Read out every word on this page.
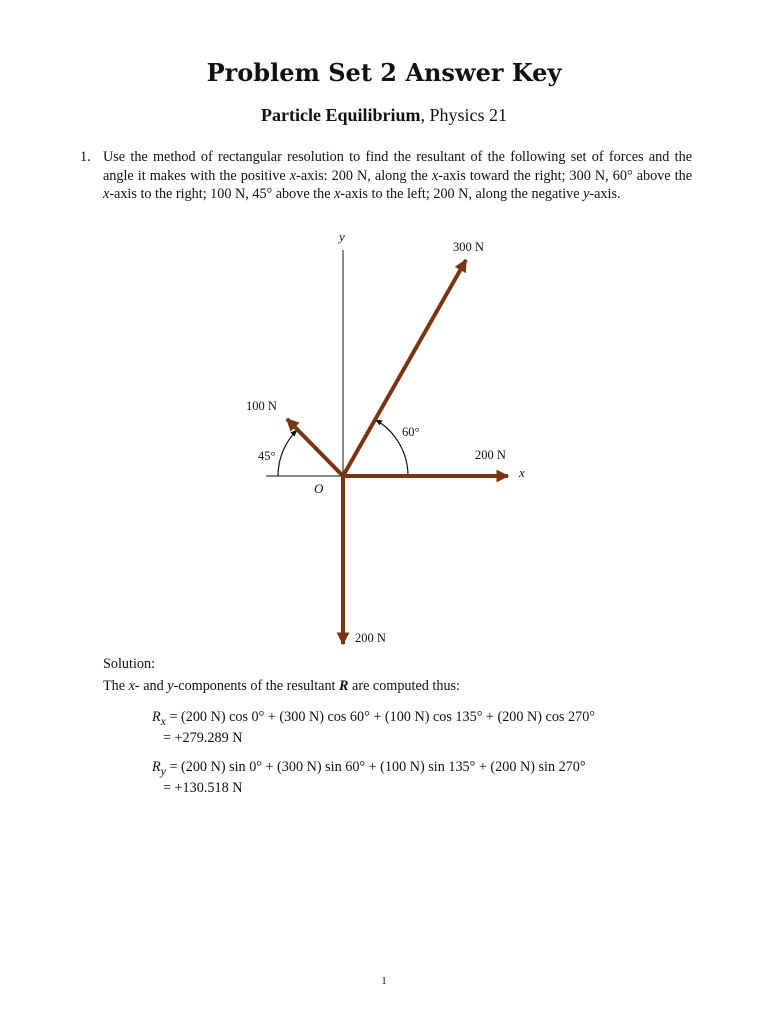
Problem Set 2 Answer Key
Particle Equilibrium, Physics 21
1. Use the method of rectangular resolution to find the resultant of the following set of forces and the angle it makes with the positive x-axis: 200 N, along the x-axis toward the right; 300 N, 60° above the x-axis to the right; 100 N, 45° above the x-axis to the left; 200 N, along the negative y-axis.
x
y
O
300 N
100 N
200 N
200 N
60°
45°
Solution:
The x- and y-components of the resultant R are computed thus:
$R_x = (200$ N) cos 0° + (300 N) cos 60° + (100 N) cos 135° + (200 N) cos 270°
= +279.289 N
$R_y = (200$ N) sin 0° + (300 N) sin 60° + (100 N) sin 135° + (200 N) sin 270°
= +130.518 N
1
